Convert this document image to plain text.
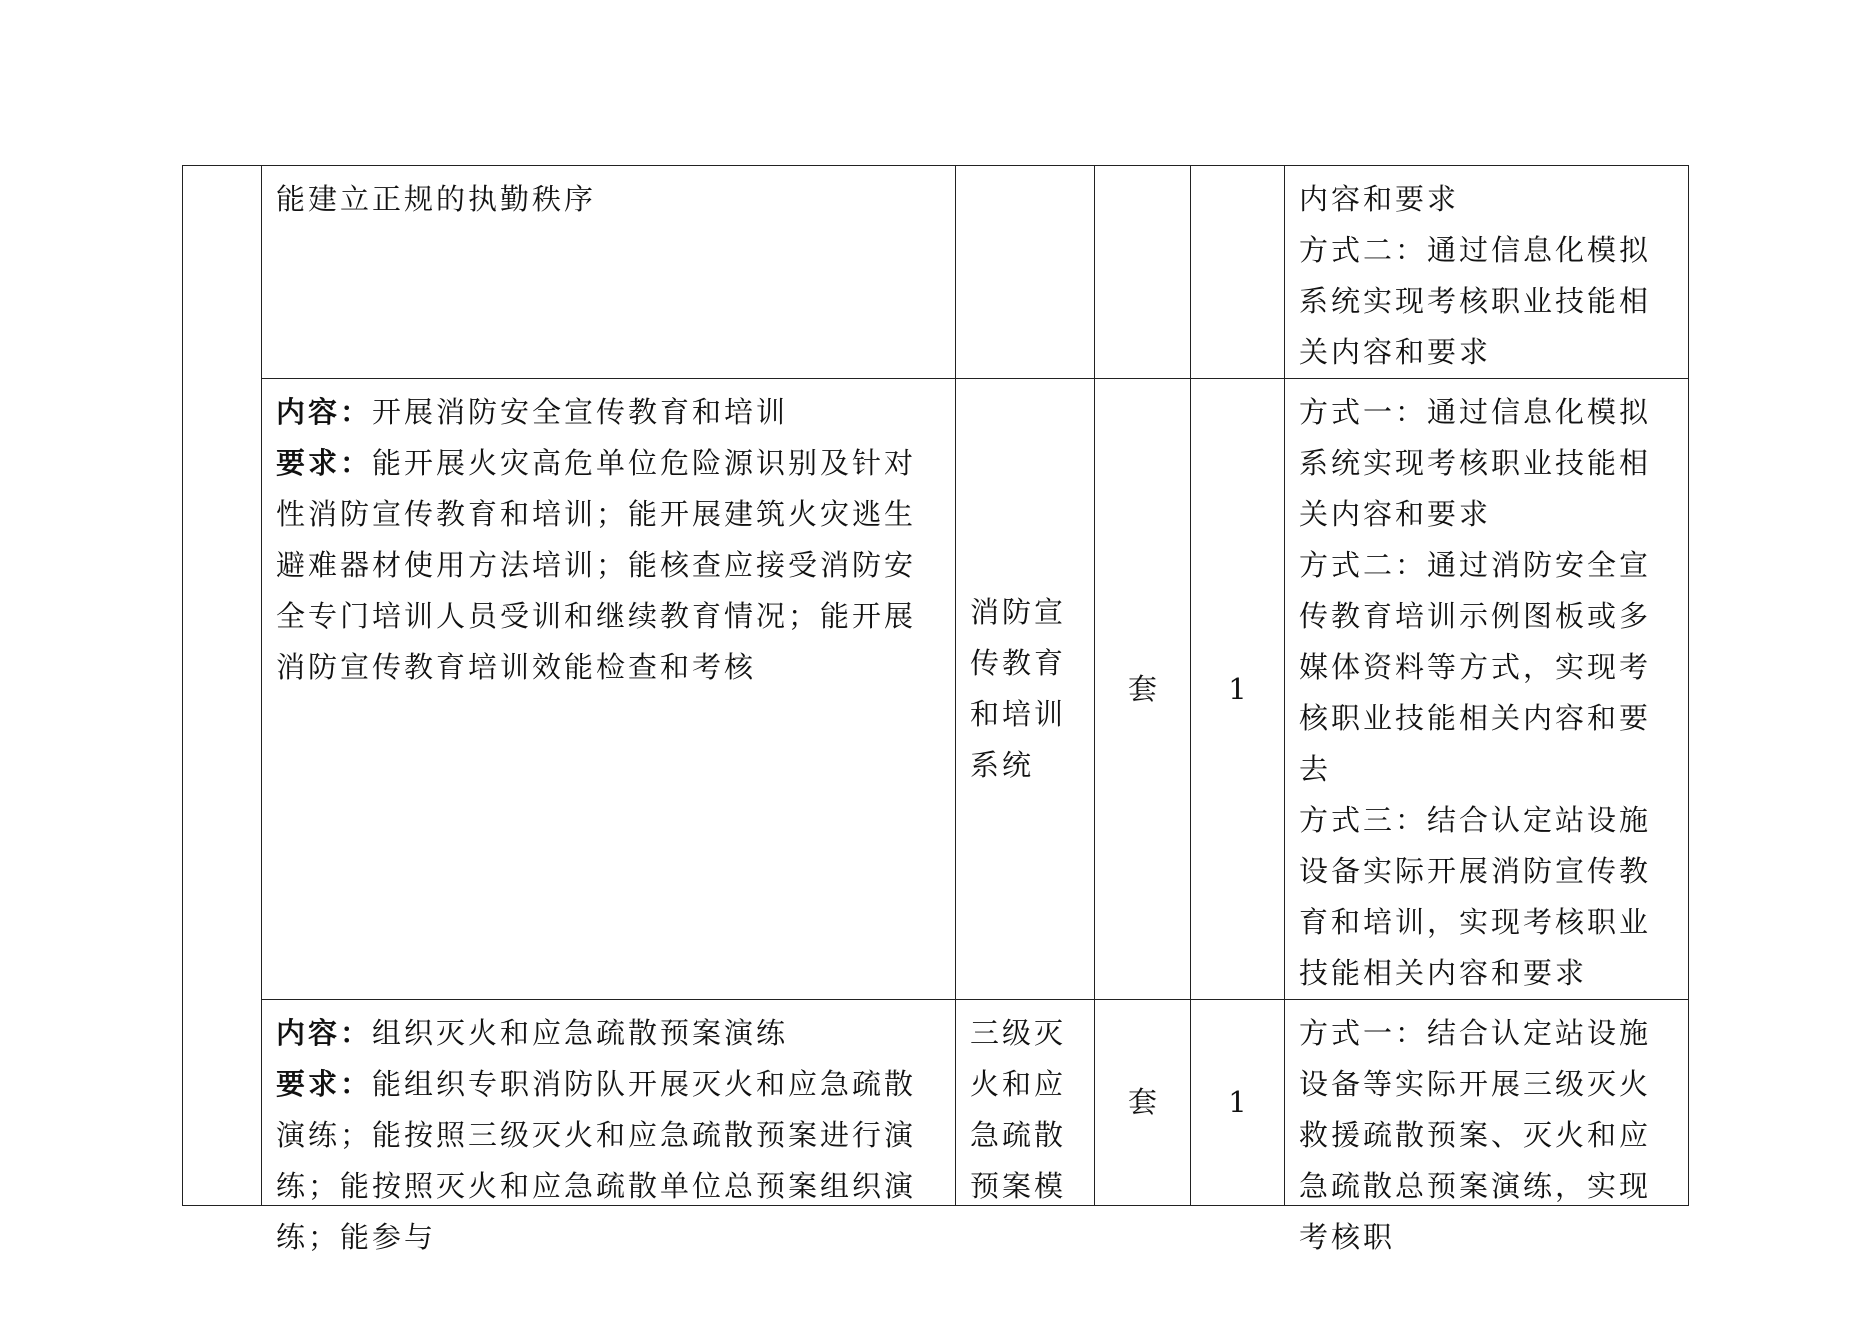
	能建立正规的执勤秩序				内容和要求
方式二：通过信息化模拟系统实现考核职业技能相关内容和要求

	内容：开展消防安全宣传教育和培训
要求：能开展火灾高危单位危险源识别及针对性消防宣传教育和培训；能开展建筑火灾逃生避难器材使用方法培训；能核查应接受消防安全专门培训人员受训和继续教育情况；能开展消防宣传教育培训效能检查和考核	消防宣传教育和培训系统	套	1	方式一：通过信息化模拟系统实现考核职业技能相关内容和要求
方式二：通过消防安全宣传教育培训示例图板或多媒体资料等方式，实现考核职业技能相关内容和要去
方式三：结合认定站设施设备实际开展消防宣传教育和培训，实现考核职业技能相关内容和要求

	内容：组织灭火和应急疏散预案演练
要求：能组织专职消防队开展灭火和应急疏散演练；能按照三级灭火和应急疏散预案进行演练；能按照灭火和应急疏散单位总预案组织演练；能参与	三级灭火和应急疏散预案模	套	1	方式一：结合认定站设施设备等实际开展三级灭火救援疏散预案、灭火和应急疏散总预案演练，实现考核职
